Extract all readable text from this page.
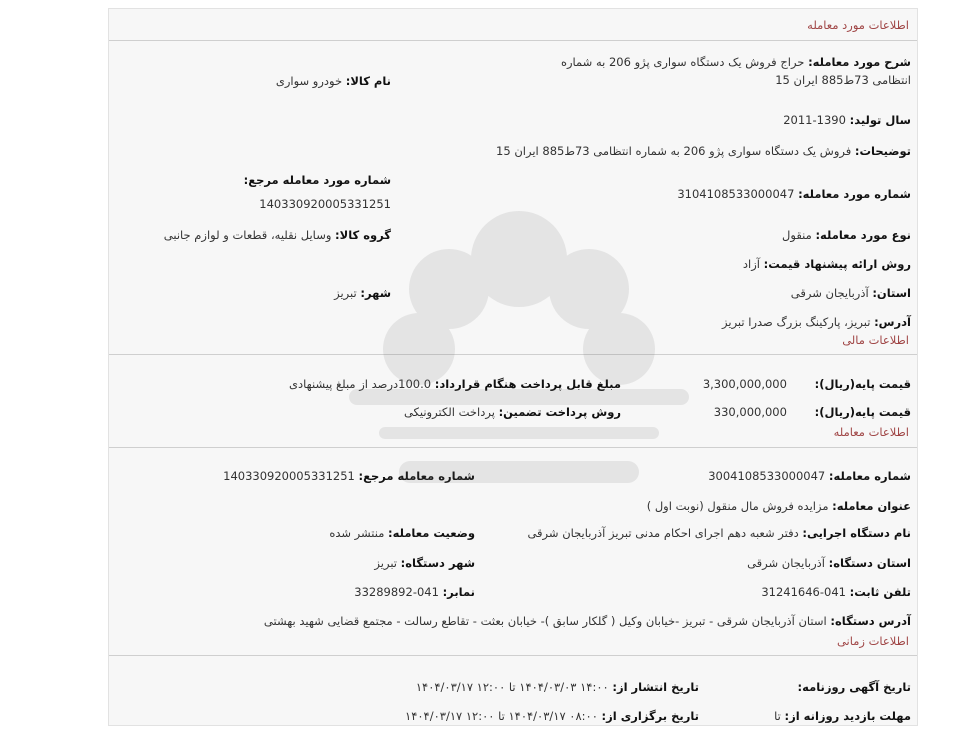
اطلاعات مورد معامله
شرح مورد معامله: حراج فروش یک دستگاه سواری پژو 206 به شماره انتظامی 73ط885 ایران 15
نام کالا: خودرو سواری
سال تولید: 1390-2011
توضیحات: فروش یک دستگاه سواری پژو 206 به شماره انتظامی 73ط885 ایران 15
شماره مورد معامله مرجع:
140330920005331251
شماره مورد معامله: 3104108533000047
نوع مورد معامله: منقول
گروه کالا: وسایل نقلیه، قطعات و لوازم جانبی
روش ارائه پیشنهاد قیمت: آزاد
استان: آذربایجان شرقی
شهر: تبریز
آدرس: تبریز، پارکینگ بزرگ صدرا تبریز
اطلاعات مالی
قیمت پایه(ریال): 3,300,000,000
مبلغ قابل پرداخت هنگام قرارداد: 100.0درصد از مبلغ پیشنهادی
قیمت پایه(ریال): 330,000,000
روش پرداخت تضمین: پرداخت الکترونیکی
اطلاعات معامله
شماره معامله: 3004108533000047
شماره معامله مرجع: 140330920005331251
عنوان معامله: مزایده فروش مال منقول (نوبت اول )
نام دستگاه اجرایی: دفتر شعبه دهم اجرای احکام مدنی تبریز آذربایجان شرقی
وضعیت معامله: منتشر شده
استان دستگاه: آذربایجان شرقی
شهر دستگاه: تبریز
تلفن ثابت: 041-31241646
نمابر: 041-33289892
آدرس دستگاه: استان آذربایجان شرقی - تبریز -خیابان وکیل ( گلکار سابق )- خیابان بعثت - تقاطع رسالت - مجتمع قضایی شهید بهشتی
اطلاعات زمانی
تاریخ آگهی روزنامه:
تاریخ انتشار از: ۱۴:۰۰ ۱۴۰۴/۰۳/۰۳ تا ۱۲:۰۰ ۱۴۰۴/۰۳/۱۷
مهلت بازدید روزانه از: تا
تاریخ برگزاری از: ۰۸:۰۰ ۱۴۰۴/۰۳/۱۷ تا ۱۲:۰۰ ۱۴۰۴/۰۳/۱۷
